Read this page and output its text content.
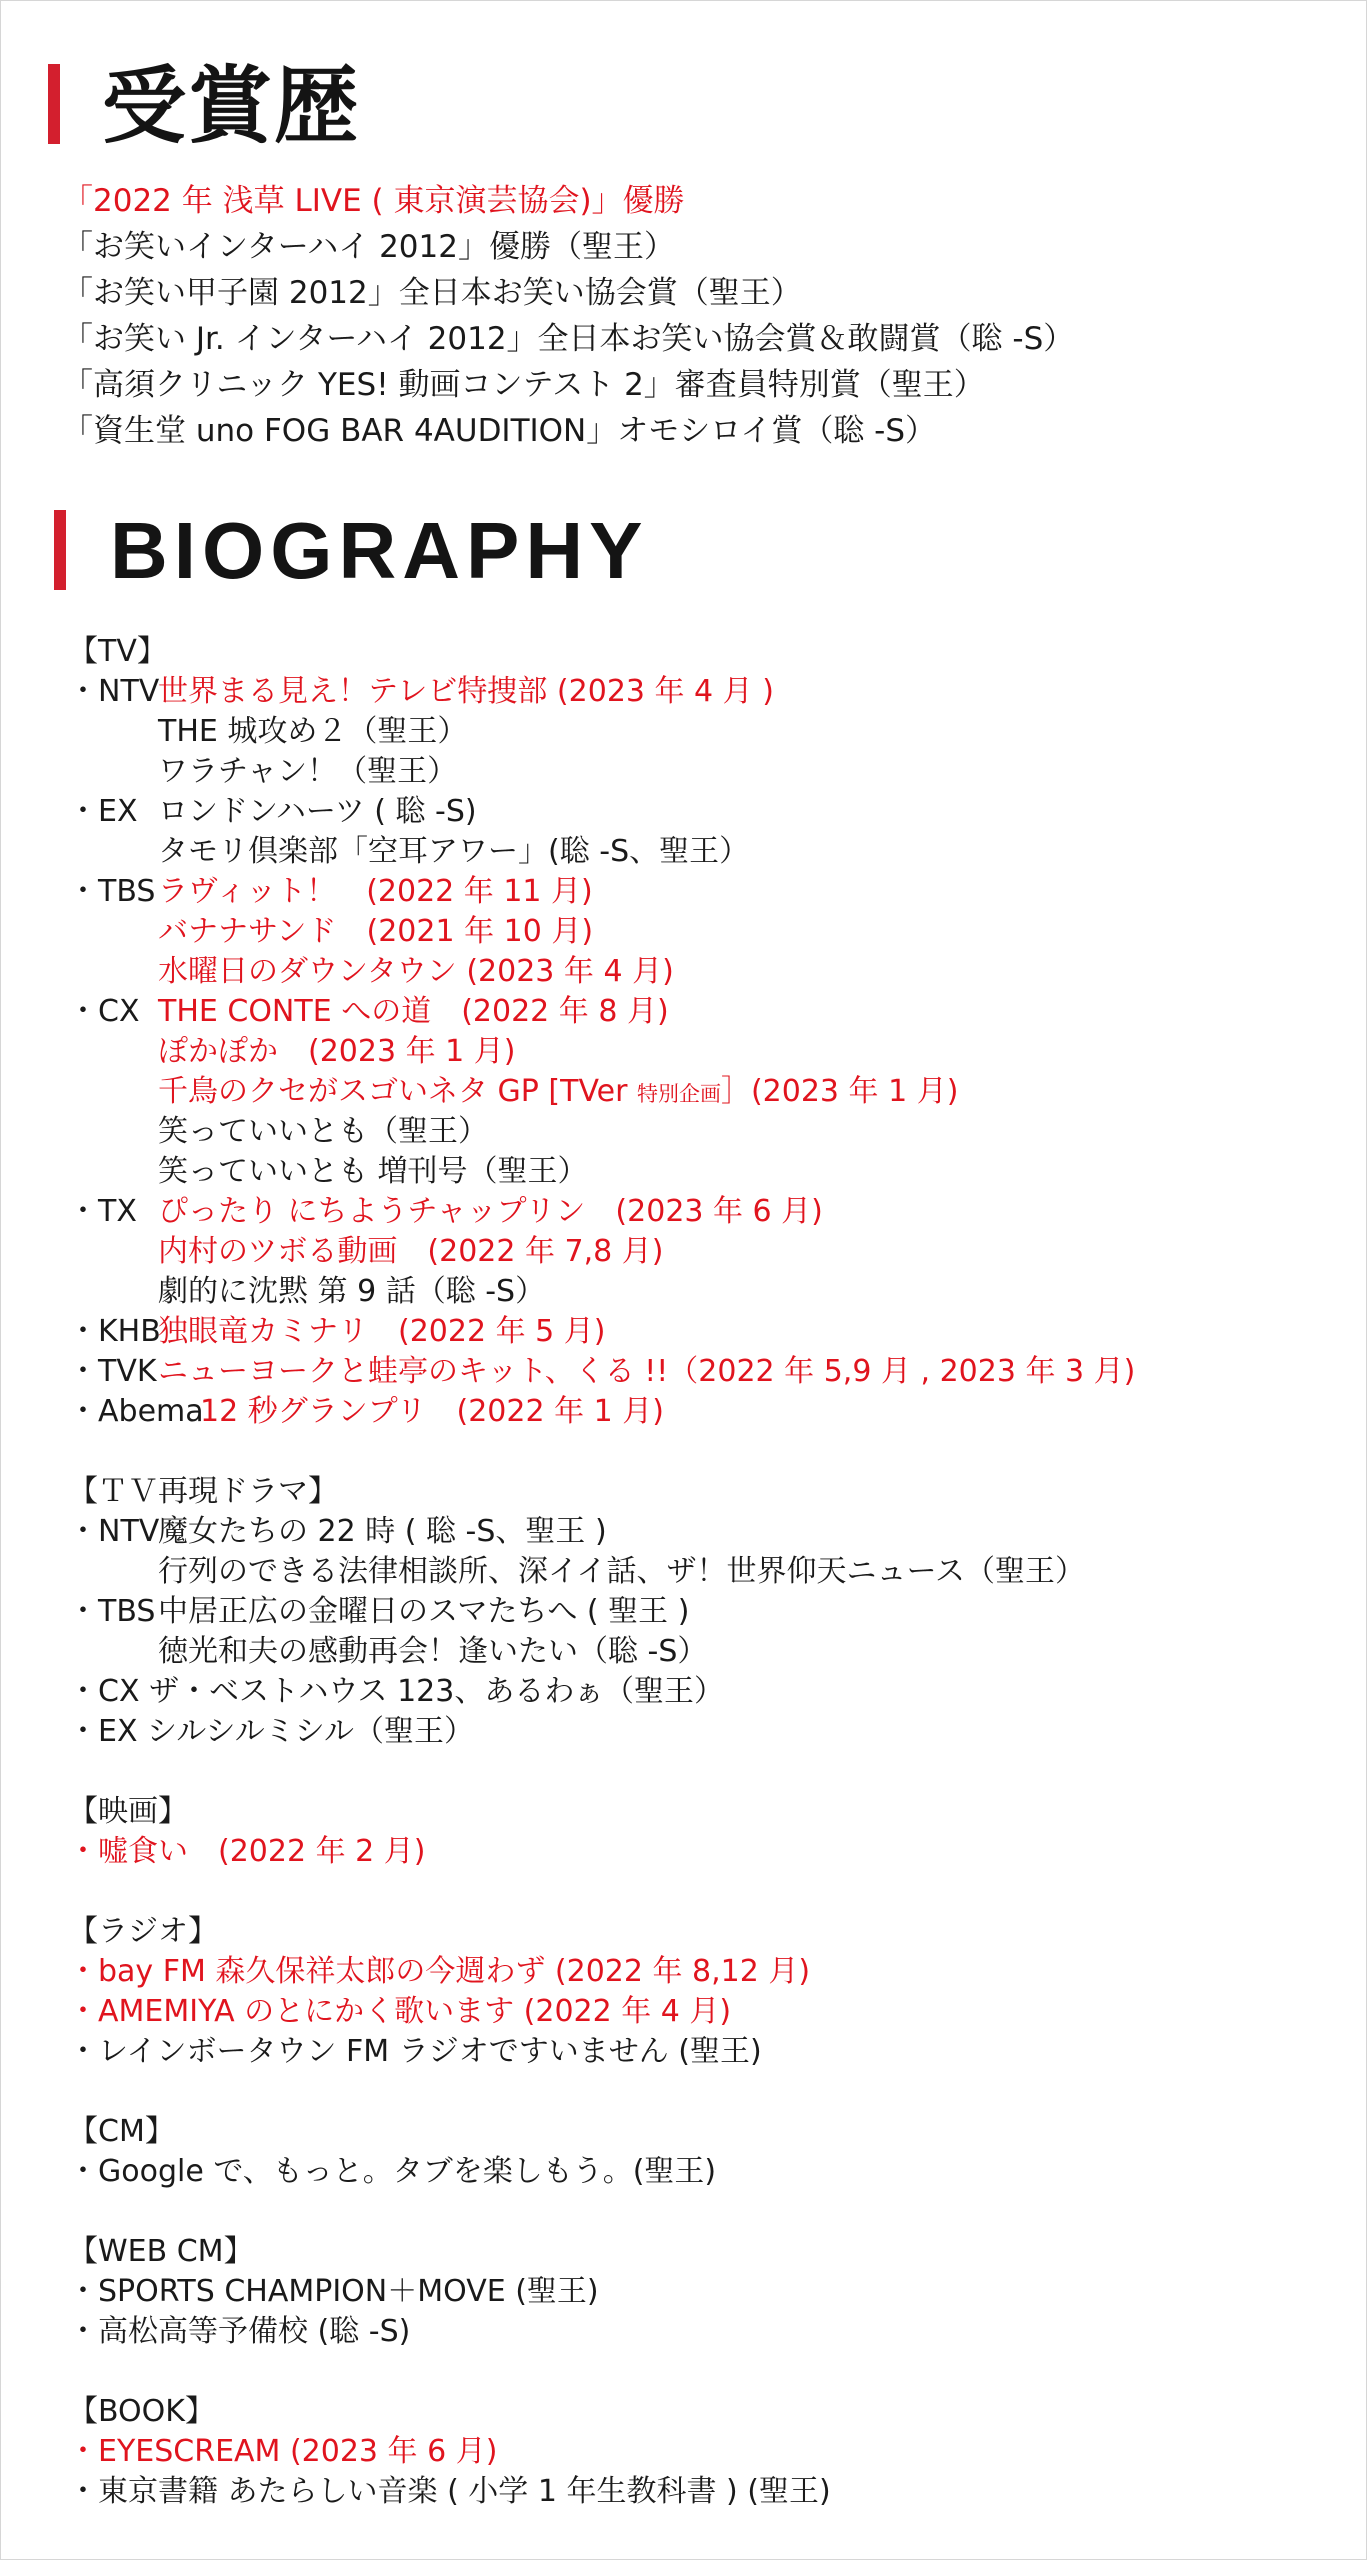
受賞歴
「2022 年 浅草 LIVE ( 東京演芸協会)」優勝
「お笑いインターハイ 2012」優勝（聖王）
「お笑い甲子園 2012」全日本お笑い協会賞（聖王）
「お笑い Jr. インターハイ 2012」全日本お笑い協会賞＆敢闘賞（聡 -S）
「高須クリニック YES! 動画コンテスト 2」審査員特別賞（聖王）
「資生堂 uno FOG BAR 4AUDITION」オモシロイ賞（聡 -S）
BIOGRAPHY
【TV】
・NTV
世界まる見え！テレビ特捜部 (2023 年 4 月 )
THE 城攻め２（聖王）
ワラチャン！（聖王）
・EX ロンドンハーツ ( 聡 -S)
タモリ倶楽部「空耳アワー」(聡 -S、聖王）
・TBS ラヴィット！　(2022 年 11 月)
バナナサンド　(2021 年 10 月)
水曜日のダウンタウン (2023 年 4 月)
・CX THE CONTE への道　(2022 年 8 月)
ぽかぽか　(2023 年 1 月)
千鳥のクセがスゴいネタ GP [TVer 特別企画］(2023 年 1 月)
笑っていいとも（聖王）
笑っていいとも 増刊号（聖王）
・TX ぴったり にちようチャップリン　(2023 年 6 月)
内村のツボる動画　(2022 年 7,8 月)
劇的に沈黙 第 9 話（聡 -S）
・KHB
独眼竜カミナリ　(2022 年 5 月)
・TVK ニューヨークと蛙亭のキット、くる !!（2022 年 5,9 月 , 2023 年 3 月)
・Abema
12 秒グランプリ　(2022 年 1 月)
【ＴＶ再現ドラマ】
・NTV
魔女たちの 22 時 ( 聡 -S、聖王 )
行列のできる法律相談所、深イイ話、ザ！世界仰天ニュース（聖王）
・TBS 中居正広の金曜日のスマたちへ ( 聖王 )
徳光和夫の感動再会！逢いたい（聡 -S）
・CX ザ・ベストハウス 123、あるわぁ（聖王）
・EX シルシルミシル（聖王）
【映画】
・嘘食い　(2022 年 2 月)
【ラジオ】
・bay FM 森久保祥太郎の今週わず (2022 年 8,12 月)
・AMEMIYA のとにかく歌います (2022 年 4 月)
・レインボータウン FM ラジオですいません (聖王)
【CM】
・Google で、もっと。タブを楽しもう。(聖王)
【WEB CM】
・SPORTS CHAMPION＋MOVE (聖王)
・高松高等予備校 (聡 -S)
【BOOK】
・EYESCREAM (2023 年 6 月)
・東京書籍 あたらしい音楽 ( 小学 1 年生教科書 ) (聖王)
